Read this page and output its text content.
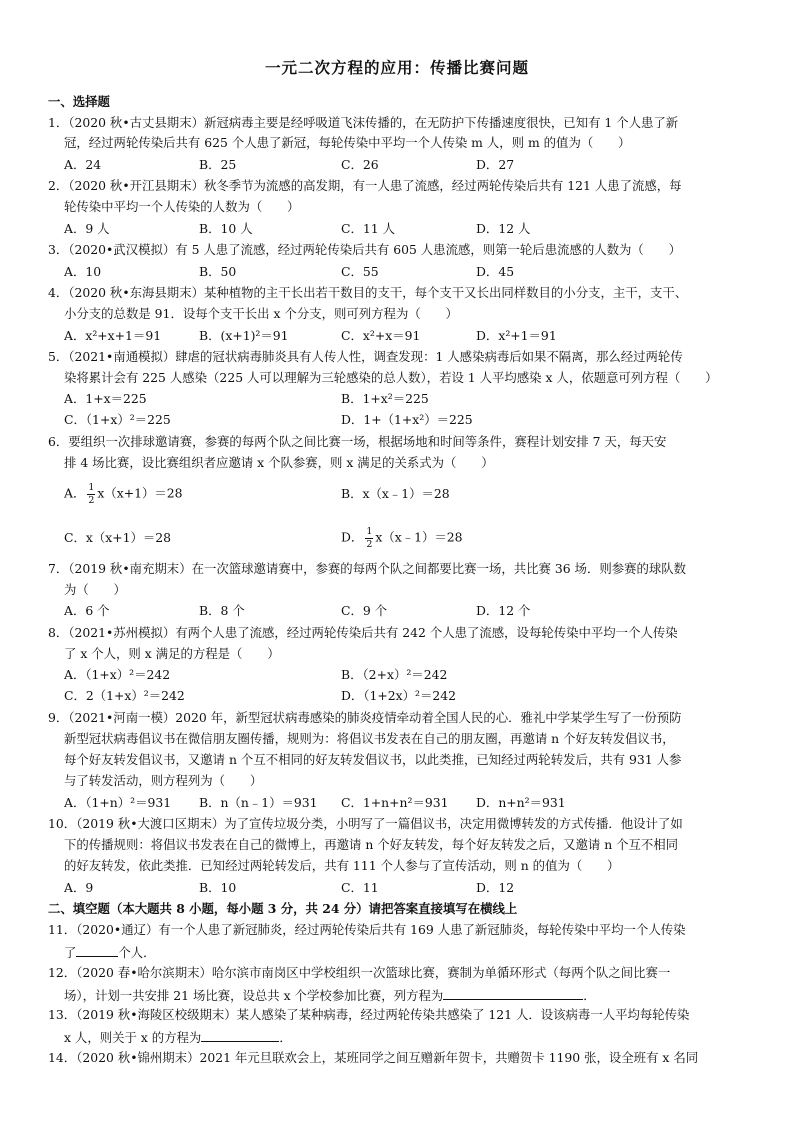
一元二次方程的应用：传播比赛问题
一、选择题
1．（2020 秋•古丈县期末）新冠病毒主要是经呼吸道飞沫传播的，在无防护下传播速度很快，已知有 1 个人患了新
冠，经过两轮传染后共有 625 个人患了新冠，每轮传染中平均一个人传染 m 人，则 m 的值为（　　）
A．24	B．25	C．26	D．27
2．（2020 秋•开江县期末）秋冬季节为流感的高发期，有一人患了流感，经过两轮传染后共有 121 人患了流感，每
轮传染中平均一个人传染的人数为（　　）
A．9 人	B．10 人	C．11 人	D．12 人
3．（2020•武汉模拟）有 5 人患了流感，经过两轮传染后共有 605 人患流感，则第一轮后患流感的人数为（　　）
A．10	B．50	C．55	D．45
4．（2020 秋•东海县期末）某种植物的主干长出若干数目的支干，每个支干又长出同样数目的小分支，主干，支干、
小分支的总数是 91．设每个支干长出 x 个分支，则可列方程为（　　）
A．x²+x+1＝91	B．(x+1)²＝91	C．x²+x＝91	D．x²+1＝91
5．（2021•南通模拟）肆虐的冠状病毒肺炎具有人传人性，调查发现：1 人感染病毒后如果不隔离，那么经过两轮传
染将累计会有 225 人感染（225 人可以理解为三轮感染的总人数），若设 1 人平均感染 x 人，依题意可列方程（　　）
A．1+x＝225	B．1+x²＝225
C．（1+x）²＝225	D．1+（1+x²）＝225
6．要组织一次排球邀请赛，参赛的每两个队之间比赛一场，根据场地和时间等条件，赛程计划安排 7 天，每天安
排 4 场比赛，设比赛组织者应邀请 x 个队参赛，则 x 满足的关系式为（　　）
A． $\frac{1}{2} x(x+1)=28$	B．x（x﹣1）＝28
C．x（x+1）＝28	D． $\frac{1}{2}$ x（x﹣1）＝28
7．（2019 秋•南充期末）在一次篮球邀请赛中，参赛的每两个队之间都要比赛一场，共比赛 36 场．则参赛的球队数
为（　　）
A．6 个	B．8 个	C．9 个	D．12 个
8．（2021•苏州模拟）有两个人患了流感，经过两轮传染后共有 242 个人患了流感，设每轮传染中平均一个人传染
了 x 个人，则 x 满足的方程是（　　）
A．（1+x）²＝242	B．（2+x）²＝242
C．2（1+x）²＝242	D．（1+2x）²＝242
9．（2021•河南一模）2020 年，新型冠状病毒感染的肺炎疫情牵动着全国人民的心．雅礼中学某学生写了一份预防
新型冠状病毒倡议书在微信朋友圈传播，规则为：将倡议书发表在自己的朋友圈，再邀请 n 个好友转发倡议书，
每个好友转发倡议书，又邀请 n 个互不相同的好友转发倡议书，以此类推，已知经过两轮转发后，共有 931 人参
与了转发活动，则方程列为（　　）
A．（1+n）²＝931 B．n（n﹣1）＝931 C．1+n+n²＝931 D．n+n²＝931
10．（2019 秋•大渡口区期末）为了宣传垃圾分类，小明写了一篇倡议书，决定用微博转发的方式传播．他设计了如
下的传播规则：将倡议书发表在自己的微博上，再邀请 n 个好友转发，每个好友转发之后，又邀请 n 个互不相同
的好友转发，依此类推．已知经过两轮转发后，共有 111 个人参与了宣传活动，则 n 的值为（　　）
A．9	B．10	C．11	D．12
二、填空题（本大题共 8 小题，每小题 3 分，共 24 分）请把答案直接填写在横线上
11．（2020•通辽）有一个人患了新冠肺炎，经过两轮传染后共有 169 人患了新冠肺炎，每轮传染中平均一个人传染
了	个人．
12．（2020 春•哈尔滨期末）哈尔滨市南岗区中学校组织一次篮球比赛，赛制为单循环形式（每两个队之间比赛一
场），计划一共安排 21 场比赛，设总共 x 个学校参加比赛，列方程为	．
13．（2019 秋•海陵区校级期末）某人感染了某种病毒，经过两轮传染共感染了 121 人．设该病毒一人平均每轮传染
x 人，则关于 x 的方程为	．
14．（2020 秋•锦州期末）2021 年元旦联欢会上，某班同学之间互赠新年贺卡，共赠贺卡 1190 张，设全班有 x 名同
